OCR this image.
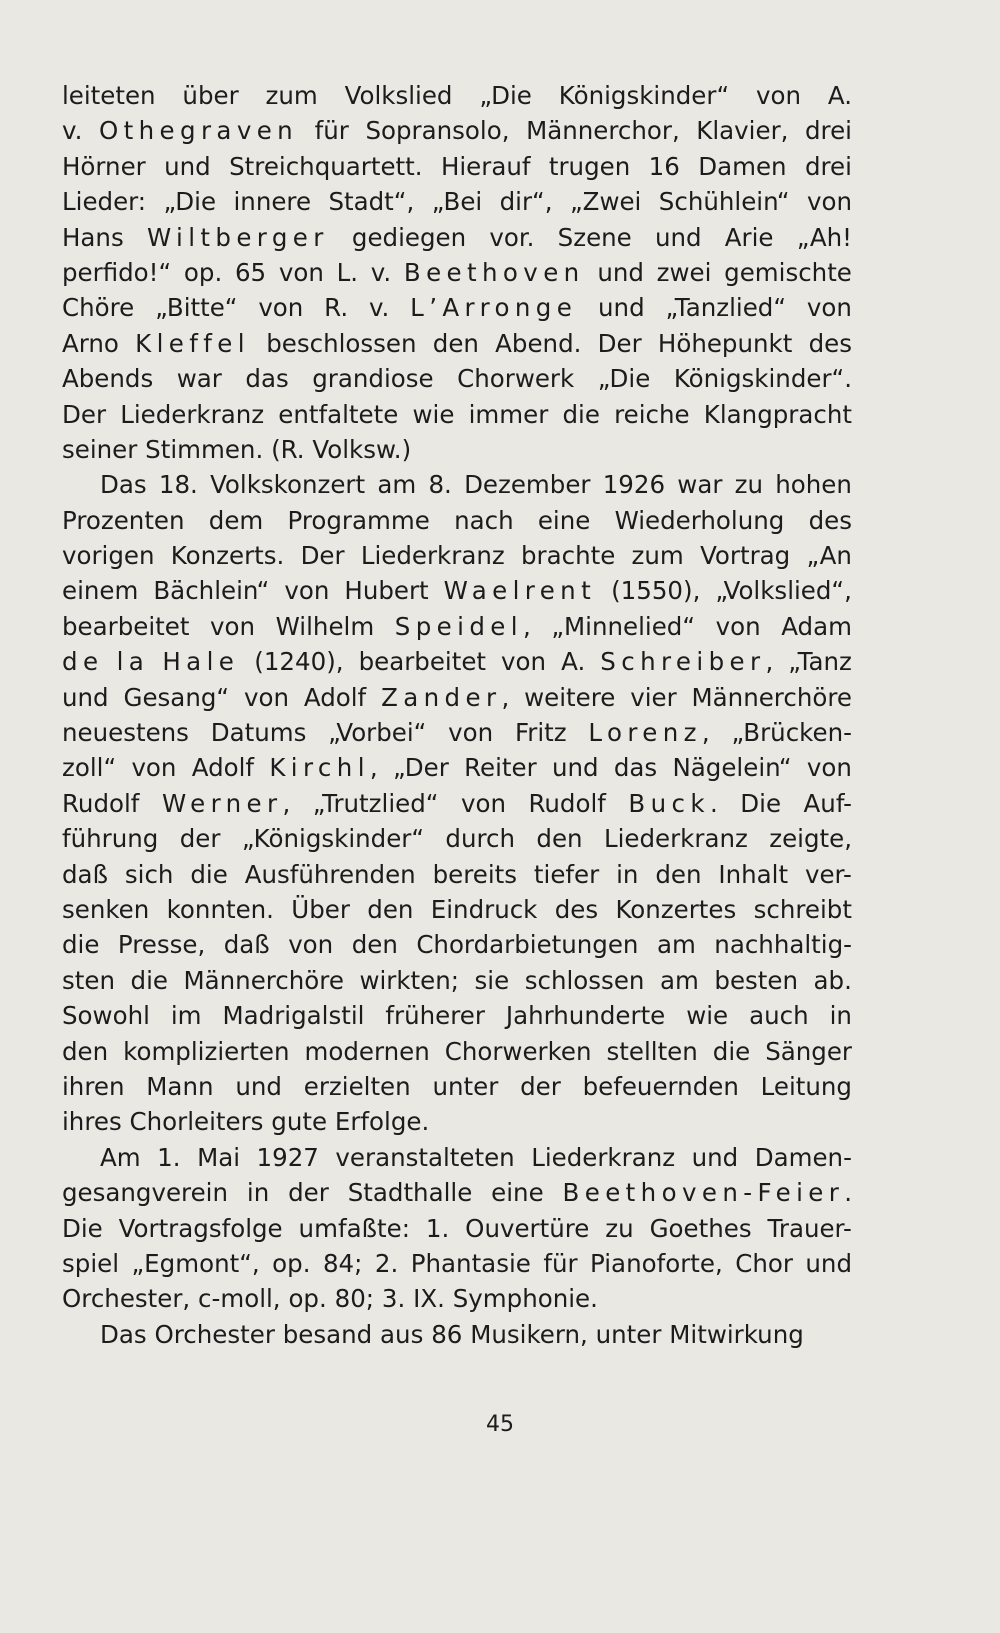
leiteten über zum Volkslied „Die Königskinder“ von A.
v. Othegraven für Sopransolo, Männerchor, Klavier, drei
Hörner und Streichquartett. Hierauf trugen 16 Damen drei
Lieder: „Die innere Stadt“, „Bei dir“, „Zwei Schühlein“ von
Hans Wiltberger gediegen vor. Szene und Arie „Ah!
perfido!“ op. 65 von L. v. Beethoven und zwei gemischte
Chöre „Bitte“ von R. v. L’Arronge und „Tanzlied“ von
Arno Kleffel beschlossen den Abend. Der Höhepunkt des
Abends war das grandiose Chorwerk „Die Königskinder“.
Der Liederkranz entfaltete wie immer die reiche Klangpracht
seiner Stimmen. (R. Volksw.)
Das 18. Volkskonzert am 8. Dezember 1926 war zu hohen
Prozenten dem Programme nach eine Wiederholung des
vorigen Konzerts. Der Liederkranz brachte zum Vortrag „An
einem Bächlein“ von Hubert Waelrent (1550), „Volkslied“,
bearbeitet von Wilhelm Speidel, „Minnelied“ von Adam
de la Hale (1240), bearbeitet von A. Schreiber, „Tanz
und Gesang“ von Adolf Zander, weitere vier Männerchöre
neuestens Datums „Vorbei“ von Fritz Lorenz, „Brücken-
zoll“ von Adolf Kirchl, „Der Reiter und das Nägelein“ von
Rudolf Werner, „Trutzlied“ von Rudolf Buck. Die Auf-
führung der „Königskinder“ durch den Liederkranz zeigte,
daß sich die Ausführenden bereits tiefer in den Inhalt ver-
senken konnten. Über den Eindruck des Konzertes schreibt
die Presse, daß von den Chordarbietungen am nachhaltig-
sten die Männerchöre wirkten; sie schlossen am besten ab.
Sowohl im Madrigalstil früherer Jahrhunderte wie auch in
den komplizierten modernen Chorwerken stellten die Sänger
ihren Mann und erzielten unter der befeuernden Leitung
ihres Chorleiters gute Erfolge.
Am 1. Mai 1927 veranstalteten Liederkranz und Damen-
gesangverein in der Stadthalle eine Beethoven-Feier.
Die Vortragsfolge umfaßte: 1. Ouvertüre zu Goethes Trauer-
spiel „Egmont“, op. 84; 2. Phantasie für Pianoforte, Chor und
Orchester, c-moll, op. 80; 3. IX. Symphonie.
Das Orchester besand aus 86 Musikern, unter Mitwirkung
45
